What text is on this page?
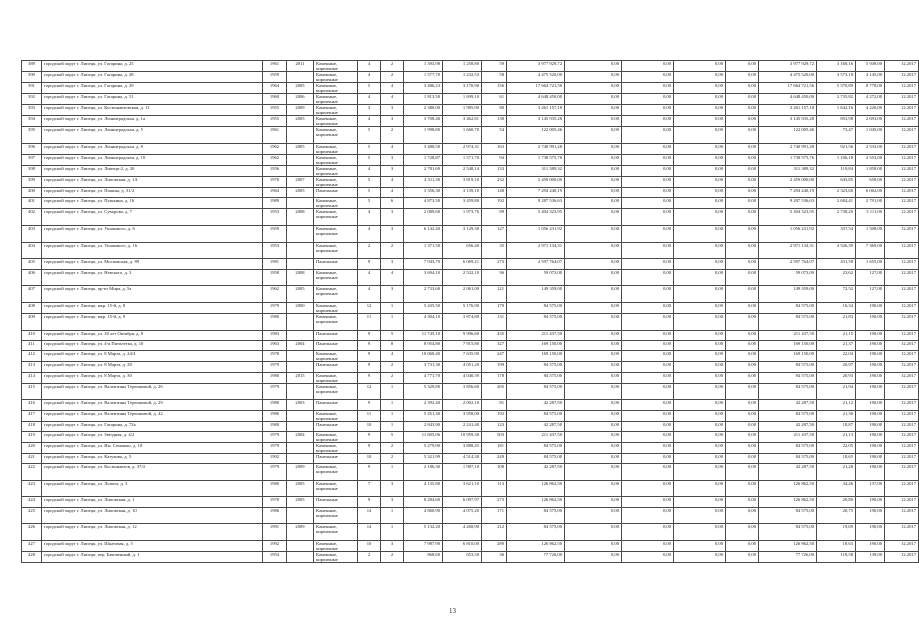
389	городской округ г. Липецк, ул. Гагарина, д. 25	1961	2011	Каменные, кирпичные	4	2	1 393,98	1 258,80	59	3 977 929,72	0,00	0,00	0,00	0,00	3 977 929,72	3 160,16	5 949,00	12.2017
390	городской округ г. Липецк, ул. Гагарина, д. 28	1959		Каменные, кирпичные	4	2	1 577,70	1 232,53	58	4 475 520,00	0,00	0,00	0,00	0,00	4 475 520,00	3 573,18	4 145,00	12.2017
391	городской округ г. Липецк, ул. Гагарина, д. 29	1964	2005	Каменные, кирпичные	5	4	3 486,23	3 170,90	156	17 664 721,56	0,00	0,00	0,00	0,00	17 664 721,56	5 570,89	8 778,00	12.2017
392	городской округ г. Липецк, ул. Гагарина, д. 51	1960	2006	Каменные, кирпичные	4	4	1 813,50	1 699,10	61	4 648 450,00	0,00	0,00	0,00	0,00	4 648 450,00	2 735,82	4 272,00	12.2017
393	городской округ г. Липецк, ул. Космонавтовская, д. 11	1955	2009	Каменные, кирпичные	3	3	2 388,00	1 985,90	80	3 261 157,18	0,00	0,00	0,00	0,00	3 261 157,18	1 642,16	4 226,00	12.2017
394	городской округ г. Липецк, ул. Ленинградская, д. 1а	1955	2005	Каменные, кирпичные	4	3	3 708,40	3 462,81	138	3 145 935,28	0,00	0,00	0,00	0,00	3 145 935,28	853,98	2 693,00	12.2017
395	городской округ г. Липецк, ул. Ленинградская, д. 5	1961		Каменные, кирпичные	5	2	1 998,80	1 660,70	54	122 005,46	0,00	0,00	0,00	0,00	122 005,46	73,47	1 045,00	12.2017
396	городской округ г. Липецк, ул. Ленинградская, д. 8	1962	2005	Каменные, кирпичные	5	4	3 480,50	2 974,31	163	2 740 991,28	0,00	0,00	0,00	0,00	2 740 991,28	921,56	2 533,00	12.2017
397	городской округ г. Липецк, ул. Ленинградская, д. 10	1962		Каменные, кирпичные	5	3	1 728,87	1 571,70	94	1 738 575,76	0,00	0,00	0,00	0,00	1 738 575,76	1 106,18	2 553,00	12.2017
398	городской округ г. Липецк, ул. Липецк-2, д. 20	1956		Каменные, кирпичные	4	3	2 781,69	2 548,14	133	311 389,32	0,00	0,00	0,00	0,00	311 389,32	119,84	1 858,00	12.2017
399	городской округ г. Липецк, ул. Липовская, д. 1А	1976	2007	Каменные, кирпичные	5	4	4 311,30	3 819,10	232	2 459 000,00	0,00	0,00	0,00	0,00	2 459 000,00	643,85	658,00	12.2017
400	городской округ г. Липецк, ул. Папина, д. 31/2	1964	2005	Панельные	5	4	3 356,30	3 139,10	148	7 294 240,19	0,00	0,00	0,00	0,00	7 294 240,19	2 323,60	6 062,00	12.2017
401	городской округ г. Липецк, ул. Пушкина, д. 16	1989		Каменные, кирпичные	5	6	4 873,50	3 459,80	192	9 287 536,63	0,00	0,00	0,00	0,00	9 287 536,63	2 684,41	2 791,00	12.2017
402	городской округ г. Липецк, ул. Суворова, д. 7	1953	2008	Каменные, кирпичные	4	3	2 089,60	1 973,76	89	5 404 323,95	0,00	0,00	0,00	0,00	5 404 323,95	2 738,20	5 111,00	12.2017
403	городской округ г. Липецк, ул. Ушакового, д. 6	1959		Каменные, кирпичные	4	3	6 142,40	3 129,30	127	1 056 231,92	0,00	0,00	0,00	0,00	1 056 231,92	337,54	1 508,00	12.2017
404	городской округ г. Липецк, ул. Ушакового, д. 16	1953		Каменные, кирпичные	2	2	1 371,50	656,40	35	2 971 134,31	0,00	0,00	0,00	0,00	2 971 134,31	4 526,39	7 369,00	12.2017
405	городской округ г. Липецк, ул. Московская, д. 89	1981		Панельные	9	3	7 943,70	6 069,21	273	2 597 764,07	0,00	0,00	0,00	0,00	2 597 764,07	431,58	1 655,00	12.2017
406	городской округ г. Липецк, ул. Невского, д. 3	1958	2008	Каменные, кирпичные	4	4	3 694,10	2 532,10	96	59 073,00	0,00	0,00	0,00	0,00	59 073,00	23,62	127,00	12.2017
407	городской округ г. Липецк, пр-кт Мира, д. 5а	1962	2005	Каменные, кирпичные	4	3	2 733,60	2 061,00	121	149 359,00	0,00	0,00	0,00	0,00	149 359,00	72,52	127,00	12.2017
408	городской округ г. Липецк, мкр. 15-й, д. 8	1979	2000	Каменные, кирпичные	12	1	5 435,50	5 176,90	179	84 575,00	0,00	0,00	0,00	0,00	84 575,00	16,34	190,00	12.2017
409	городской округ г. Липецк, мкр. 15-й, д. 9	1980		Каменные, кирпичные	11	1	4 304,10	3 874,80	131	84 575,00	0,00	0,00	0,00	0,00	84 575,00	21,83	190,00	12.2017
410	городской округ г. Липецк, ул. 30 лет Октября, д. 8	1983		Панельные	9	5	11 745,10	9 996,60	435	211 437,50	0,00	0,00	0,00	0,00	211 437,50	21,15	190,00	12.2017
411	городской округ г. Липецк, ул. 4-я Пятилетка, д. 10	1963	2004	Панельные	9	8	8 954,80	7 915,80	327	169 150,00	0,00	0,00	0,00	0,00	169 150,00	21,37	190,00	12.2017
412	городской округ г. Липецк, ул. 8 Марта, д. 24/4	1978		Каменные, кирпичные	9	4	10 060,40	7 635,90	247	169 150,00	0,00	0,00	0,00	0,00	169 150,00	22,04	190,00	12.2017
413	городской округ г. Липецк, ул. 8 Марта, д. 28	1979		Панельные	9	2	3 731,30	4 051,20	199	84 575,00	0,00	0,00	0,00	0,00	84 575,00	20,97	190,00	12.2017
414	городской округ г. Липецк, ул. 8 Марта, д. 30	1980	2015	Каменные, кирпичные	9	2	4 771,70	4 040,39	178	84 575,00	0,00	0,00	0,00	0,00	84 575,00	20,93	190,00	12.2017
415	городской округ г. Липецк, ул. Валентины Терешковой, д. 26	1979		Каменные, кирпичные	12	1	5 329,80	3 856,60	205	84 575,00	0,00	0,00	0,00	0,00	84 575,00	21,94	190,00	12.2017
416	городской округ г. Липецк, ул. Валентины Терешковой, д. 29	1980	2003	Панельные	9	1	2 392,40	2 002,10	81	42 287,50	0,00	0,00	0,00	0,00	42 287,50	21,12	190,00	12.2017
417	городской округ г. Липецк, ул. Валентины Терешковой, д. 42	1980		Каменные, кирпичные	11	1	5 451,30	3 958,00	192	84 575,00	0,00	0,00	0,00	0,00	84 575,00	21,36	190,00	12.2017
418	городской округ г. Липецк, ул. Гагарина, д. 72а	1980		Панельные	10	1	2 843,90	2 241,40	123	42 287,50	0,00	0,00	0,00	0,00	42 287,50	18,87	190,00	12.2017
419	городской округ г. Липецк, ул. Звёздная, д. 4/2	1979	2004	Каменные, кирпичные	9	5	11 605,06	10 959,30	503	211 437,50	0,00	0,00	0,00	0,00	211 437,50	21,13	190,00	12.2017
420	городской округ г. Липецк, ул. Им. Семашко, д. 18	1979		Каменные, кирпичные	9	2	5 279,90	3 888,45	181	84 575,00	0,00	0,00	0,00	0,00	84 575,00	22,05	190,00	12.2017
421	городской округ г. Липецк, ул. Катукова, д. 5	1992		Панельные	10	2	5 321,99	4 514,30	249	84 575,00	0,00	0,00	0,00	0,00	84 575,00	18,65	190,00	12.2017
422	городской округ г. Липецк, ул. Космонавтов, д. 37/4	1979	2009	Каменные, кирпичные	9	1	2 186,30	1 987,10	108	42 287,50	0,00	0,00	0,00	0,00	42 287,50	21,28	190,00	12.2017
423	городской округ г. Липецк, ул. Лопата, д. 3	1980	2005	Каменные, кирпичные	7	3	4 135,80	3 621,10	113	126 862,50	0,00	0,00	0,00	0,00	126 862,50	34,46	137,00	12.2017
424	городской округ г. Липецк, ул. Липовская, д. 1	1978	2005	Панельные	9	3	8 284,60	6 097,97	273	126 862,50	0,00	0,00	0,00	0,00	126 862,50	20,80	190,00	12.2017
425	городской округ г. Липецк, ул. Липовская, д. 10	1986		Каменные, кирпичные	14	1	4 860,90	4 075,20	171	84 575,00	0,00	0,00	0,00	0,00	84 575,00	20,75	190,00	12.2017
426	городской округ г. Липецк, ул. Липовская, д. 12	1991	2009	Каменные, кирпичные	14	1	5 132,20	4 268,90	212	84 575,00	0,00	0,00	0,00	0,00	84 575,00	19,69	190,00	12.2017
427	городской округ г. Липецк, ул. Шкатовая, д. 5	1992		Каменные, кирпичные	10	3	7 987,90	6 810,00	289	126 862,50	0,00	0,00	0,00	0,00	126 862,50	18,63	190,00	12.2017
428	городской округ г. Липецк, пер. Баковенный, д. 1	1954		Каменные, кирпичные	2	2	868,60	653,50	36	77 726,00	0,00	0,00	0,00	0,00	77 726,00	118,58	139,00	12.2017
13
